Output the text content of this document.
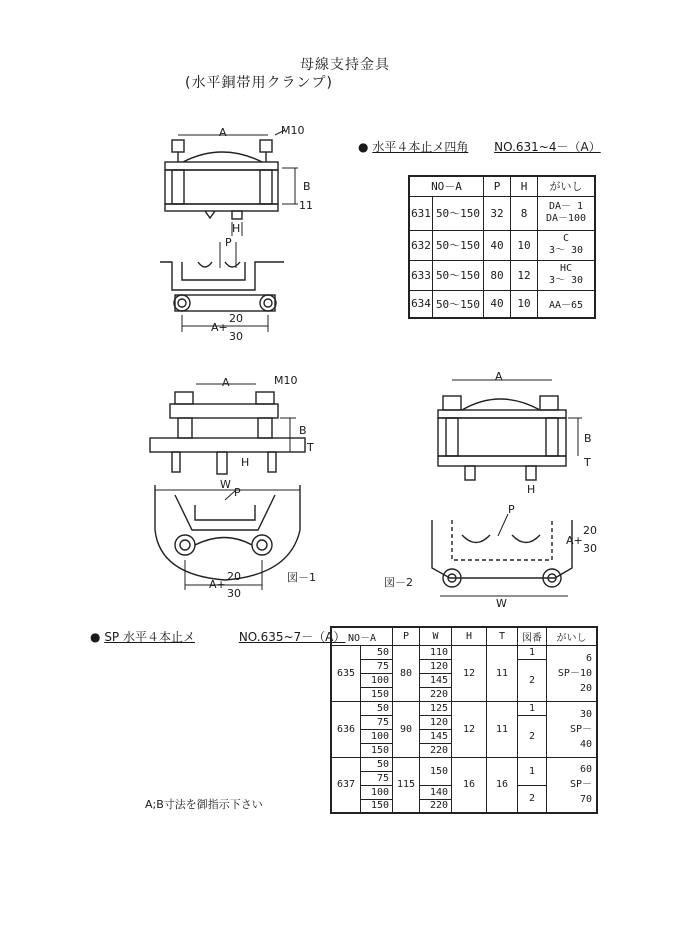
母線支持金具
(水平銅帯用クランプ)
● 水平４本止メ四角 NO.631~4－（A）
NO－A		P	H	がいし
631	50～150	32	8	DA－ 1
DA－100
632	50～150	40	10	C
3～ 30
633	50～150	80	12	HC
3～ 30
634	50～150	40	10	AA－65
● SP 水平４本止メ	NO.635~7－（A） NO－A		P	W	H	T	図番	がいし
635	50	80	110	12	11	1	6
SP－10
20
	75		120			2	
	100		145				
	150		220				
636	50	90	125	12	11	1	30
SP－
40
	75		120			2	
	100		145				
	150		220				
637	50	115	150	16	16	1	60
SP－
70
	75						
	100		140			2	
	150		220				
A;B寸法を御指示下さい
A	M10
B
11
H
P
A+
20
30
A	M10
B
T
H
W
P
A+
20
30
図－1
A
B
T
H
P
A+
20
30
W
図－2
